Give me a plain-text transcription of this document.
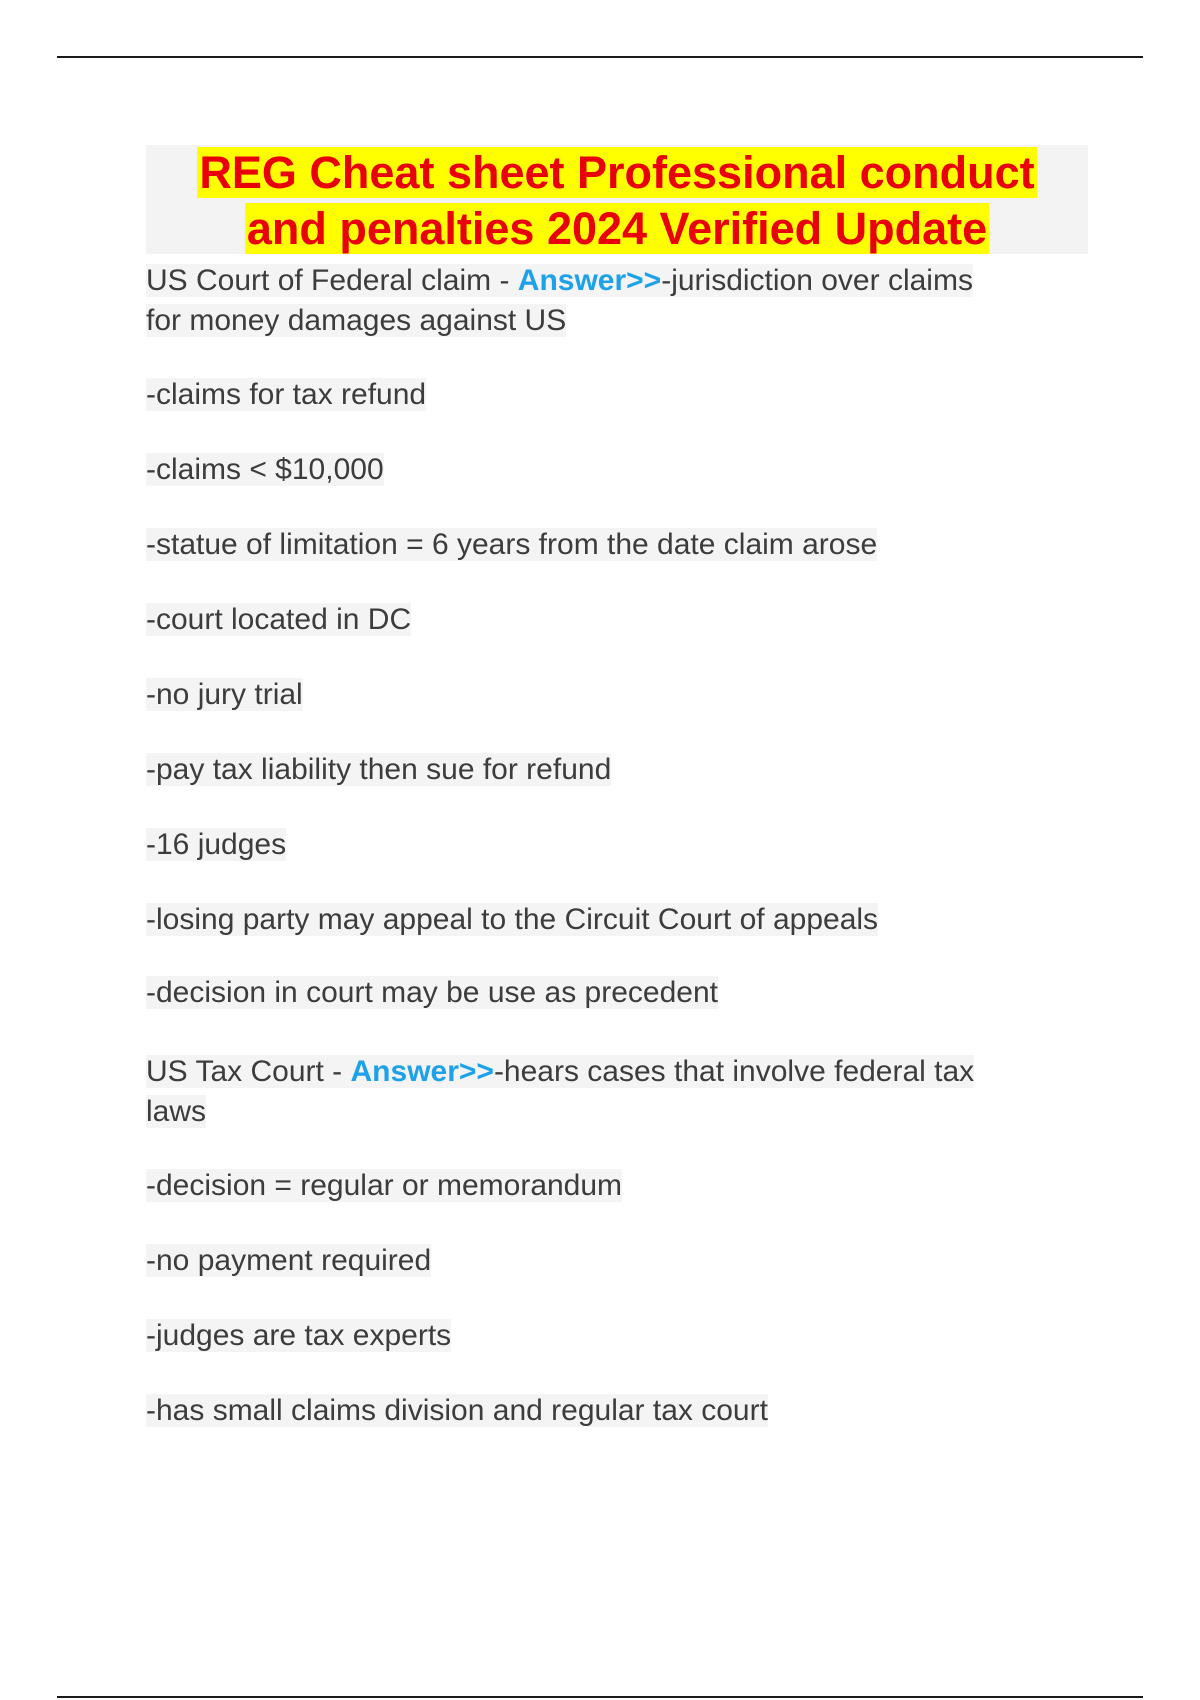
REG Cheat sheet Professional conduct
and penalties 2024 Verified Update
US Court of Federal claim - Answer>>-jurisdiction over claims
for money damages against US
-claims for tax refund
-claims < $10,000
-statue of limitation = 6 years from the date claim arose
-court located in DC
-no jury trial
-pay tax liability then sue for refund
-16 judges
-losing party may appeal to the Circuit Court of appeals
-decision in court may be use as precedent
US Tax Court - Answer>>-hears cases that involve federal tax
laws
-decision = regular or memorandum
-no payment required
-judges are tax experts
-has small claims division and regular tax court
